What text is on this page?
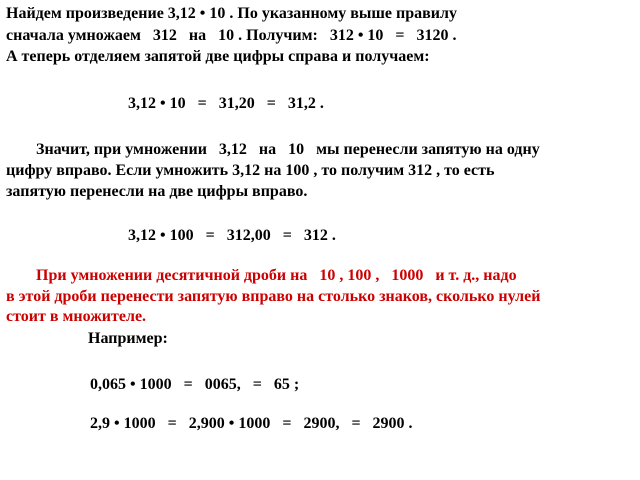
Найдем произведение 3,12 • 10 . По указанному выше правилу
сначала умножаем   312   на   10 . Получим:   312 • 10   =   3120 .
А теперь отделяем запятой две цифры справа и получаем:
3,12 • 10   =   31,20   =   31,2 .
Значит, при умножении   3,12   на   10   мы перенесли запятую на одну
цифру вправо. Если умножить 3,12 на 100 , то получим 312 , то есть
запятую перенесли на две цифры вправо.
3,12 • 100   =   312,00   =   312 .
При умножении десятичной дроби на   10 , 100 ,   1000   и т. д., надо
в этой дроби перенести запятую вправо на столько знаков, сколько нулей
стоит в множителе.
Например:
0,065 • 1000   =   0065,   =   65 ;
2,9 • 1000   =   2,900 • 1000   =   2900,   =   2900 .
